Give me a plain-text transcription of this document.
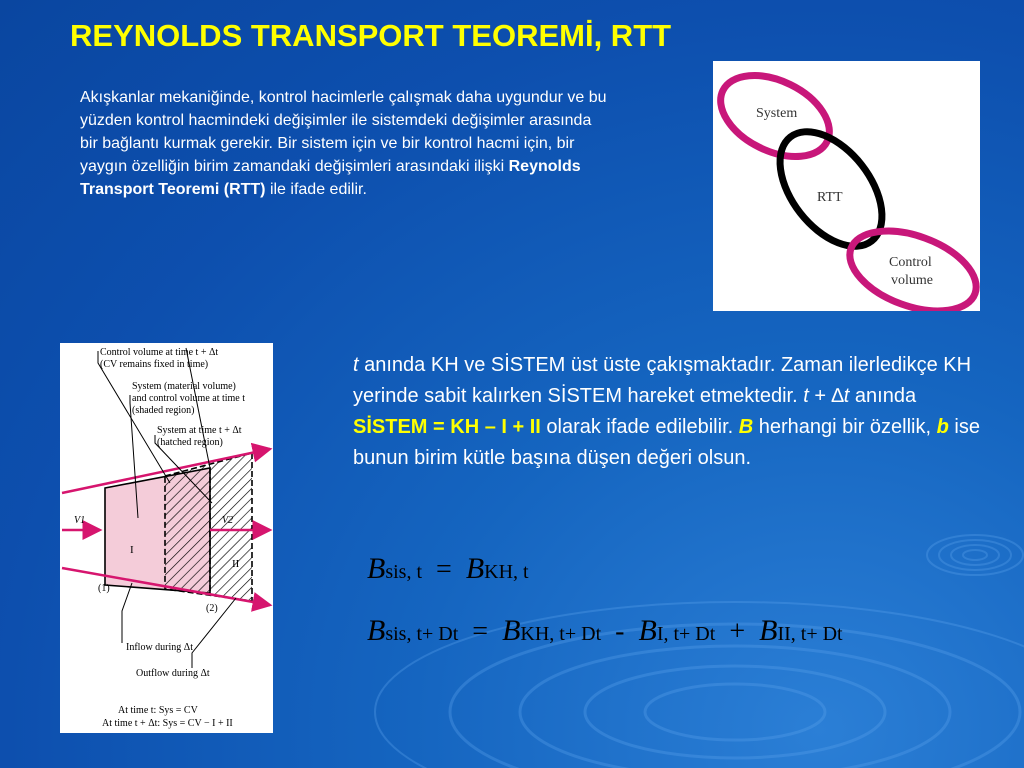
REYNOLDS TRANSPORT TEOREMİ, RTT

Akışkanlar mekaniğinde, kontrol hacimlerle çalışmak daha uygundur ve bu yüzden kontrol hacmindeki değişimler ile sistemdeki değişimler arasında bir bağlantı kurmak gerekir. Bir sistem için ve bir kontrol hacmi için, bir yaygın özelliğin birim zamandaki değişimleri arasındaki ilişki Reynolds Transport Teoremi (RTT) ile ifade edilir.

System
RTT
Control
volume
Control volume at time t + Δt
(CV remains fixed in time)
System (material volume)
and control volume at time t
(shaded region)
System at time t + Δt
(hatched region)
V1	V2
I
II
(1)
(2)
Inflow during Δt
Outflow during Δt
At time t: Sys = CV
At time t + Δt: Sys = CV − I + II

t anında KH ve SİSTEM üst üste çakışmaktadır. Zaman ilerledikçe KH yerinde sabit kalırken SİSTEM hareket etmektedir. t + ∆t anında SİSTEM = KH – I + II olarak ifade edilebilir. B herhangi bir özellik, b ise bunun birim kütle başına düşen değeri olsun.

Bsis, t = BKH, t
Bsis, t+ Dt = BKH, t+ Dt - BI, t+ Dt + BII, t+ Dt
